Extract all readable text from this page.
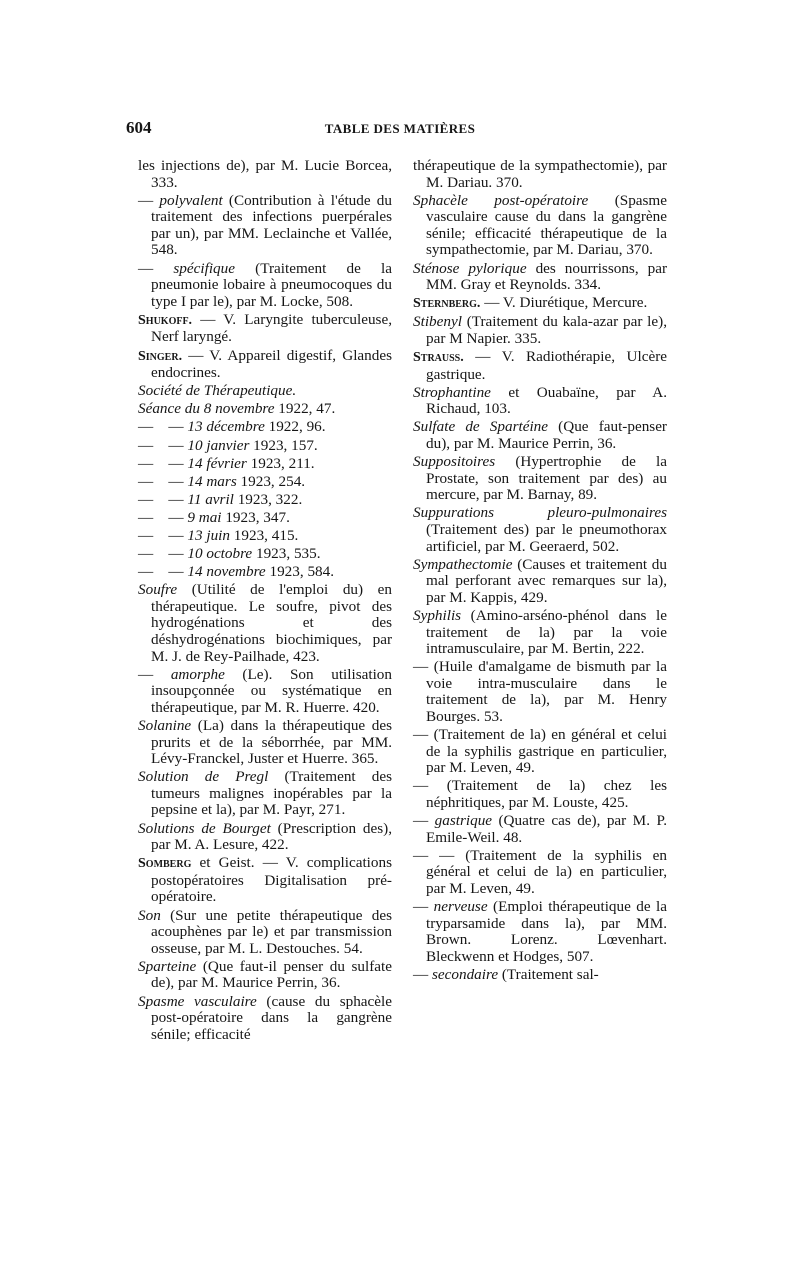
604	TABLE DES MATIÈRES

les injections de), par M. Lucie Borcea, 333.

— polyvalent (Contribution à l'étude du traitement des infections puerpérales par un), par MM. Leclainche et Vallée, 548.

— spécifique (Traitement de la pneumonie lobaire à pneumocoques du type I par le), par M. Locke, 508.

Shukoff. — V. Laryngite tuberculeuse, Nerf laryngé.

Singer. — V. Appareil digestif, Glandes endocrines.

Société de Thérapeutique.

Séance du 8 novembre 1922, 47.

—    — 13 décembre 1922, 96.

—    — 10 janvier 1923, 157.

—    — 14 février 1923, 211.

—    — 14 mars 1923, 254.

—    — 11 avril 1923, 322.

—    — 9 mai 1923, 347.

—    — 13 juin 1923, 415.

—    — 10 octobre 1923, 535.

—    — 14 novembre 1923, 584.

Soufre (Utilité de l'emploi du) en thérapeutique. Le soufre, pivot des hydrogénations et des déshydrogénations biochimiques, par M. J. de Rey-Pailhade, 423.

— amorphe (Le). Son utilisation insoupçonnée ou systématique en thérapeutique, par M. R. Huerre. 420.

Solanine (La) dans la thérapeutique des prurits et de la séborrhée, par MM. Lévy-Franckel, Juster et Huerre. 365.

Solution de Pregl (Traitement des tumeurs malignes inopérables par la pepsine et la), par M. Payr, 271.

Solutions de Bourget (Prescription des), par M. A. Lesure, 422.

Somberg et Geist. — V. complications postopératoires Digitalisation pré-opératoire.

Son (Sur une petite thérapeutique des acouphènes par le) et par transmission osseuse, par M. L. Destouches. 54.

Sparteine (Que faut-il penser du sulfate de), par M. Maurice Perrin, 36.

Spasme vasculaire (cause du sphacèle post-opératoire dans la gangrène sénile; efficacité

thérapeutique de la sympathectomie), par M. Dariau. 370.

Sphacèle post-opératoire (Spasme vasculaire cause du dans la gangrène sénile; efficacité thérapeutique de la sympathectomie, par M. Dariau, 370.

Sténose pylorique des nourrissons, par MM. Gray et Reynolds. 334.

Sternberg. — V. Diurétique, Mercure.

Stibenyl (Traitement du kala-azar par le), par M Napier. 335.

Strauss. — V. Radiothérapie, Ulcère gastrique.

Strophantine et Ouabaïne, par A. Richaud, 103.

Sulfate de Spartéine (Que faut-penser du), par M. Maurice Perrin, 36.

Suppositoires (Hypertrophie de la Prostate, son traitement par des) au mercure, par M. Barnay, 89.

Suppurations pleuro-pulmonaires (Traitement des) par le pneumothorax artificiel, par M. Geeraerd, 502.

Sympathectomie (Causes et traitement du mal perforant avec remarques sur la), par M. Kappis, 429.

Syphilis (Amino-arséno-phénol dans le traitement de la) par la voie intramusculaire, par M. Bertin, 222.

— (Huile d'amalgame de bismuth par la voie intra-musculaire dans le traitement de la), par M. Henry Bourges. 53.

— (Traitement de la) en général et celui de la syphilis gastrique en particulier, par M. Leven, 49.

— (Traitement de la) chez les néphritiques, par M. Louste, 425.

— gastrique (Quatre cas de), par M. P. Emile-Weil. 48.

— — (Traitement de la syphilis en général et celui de la) en particulier, par M. Leven, 49.

— nerveuse (Emploi thérapeutique de la tryparsamide dans la), par MM. Brown. Lorenz. Lœvenhart. Bleckwenn et Hodges, 507.

— secondaire (Traitement sal-
